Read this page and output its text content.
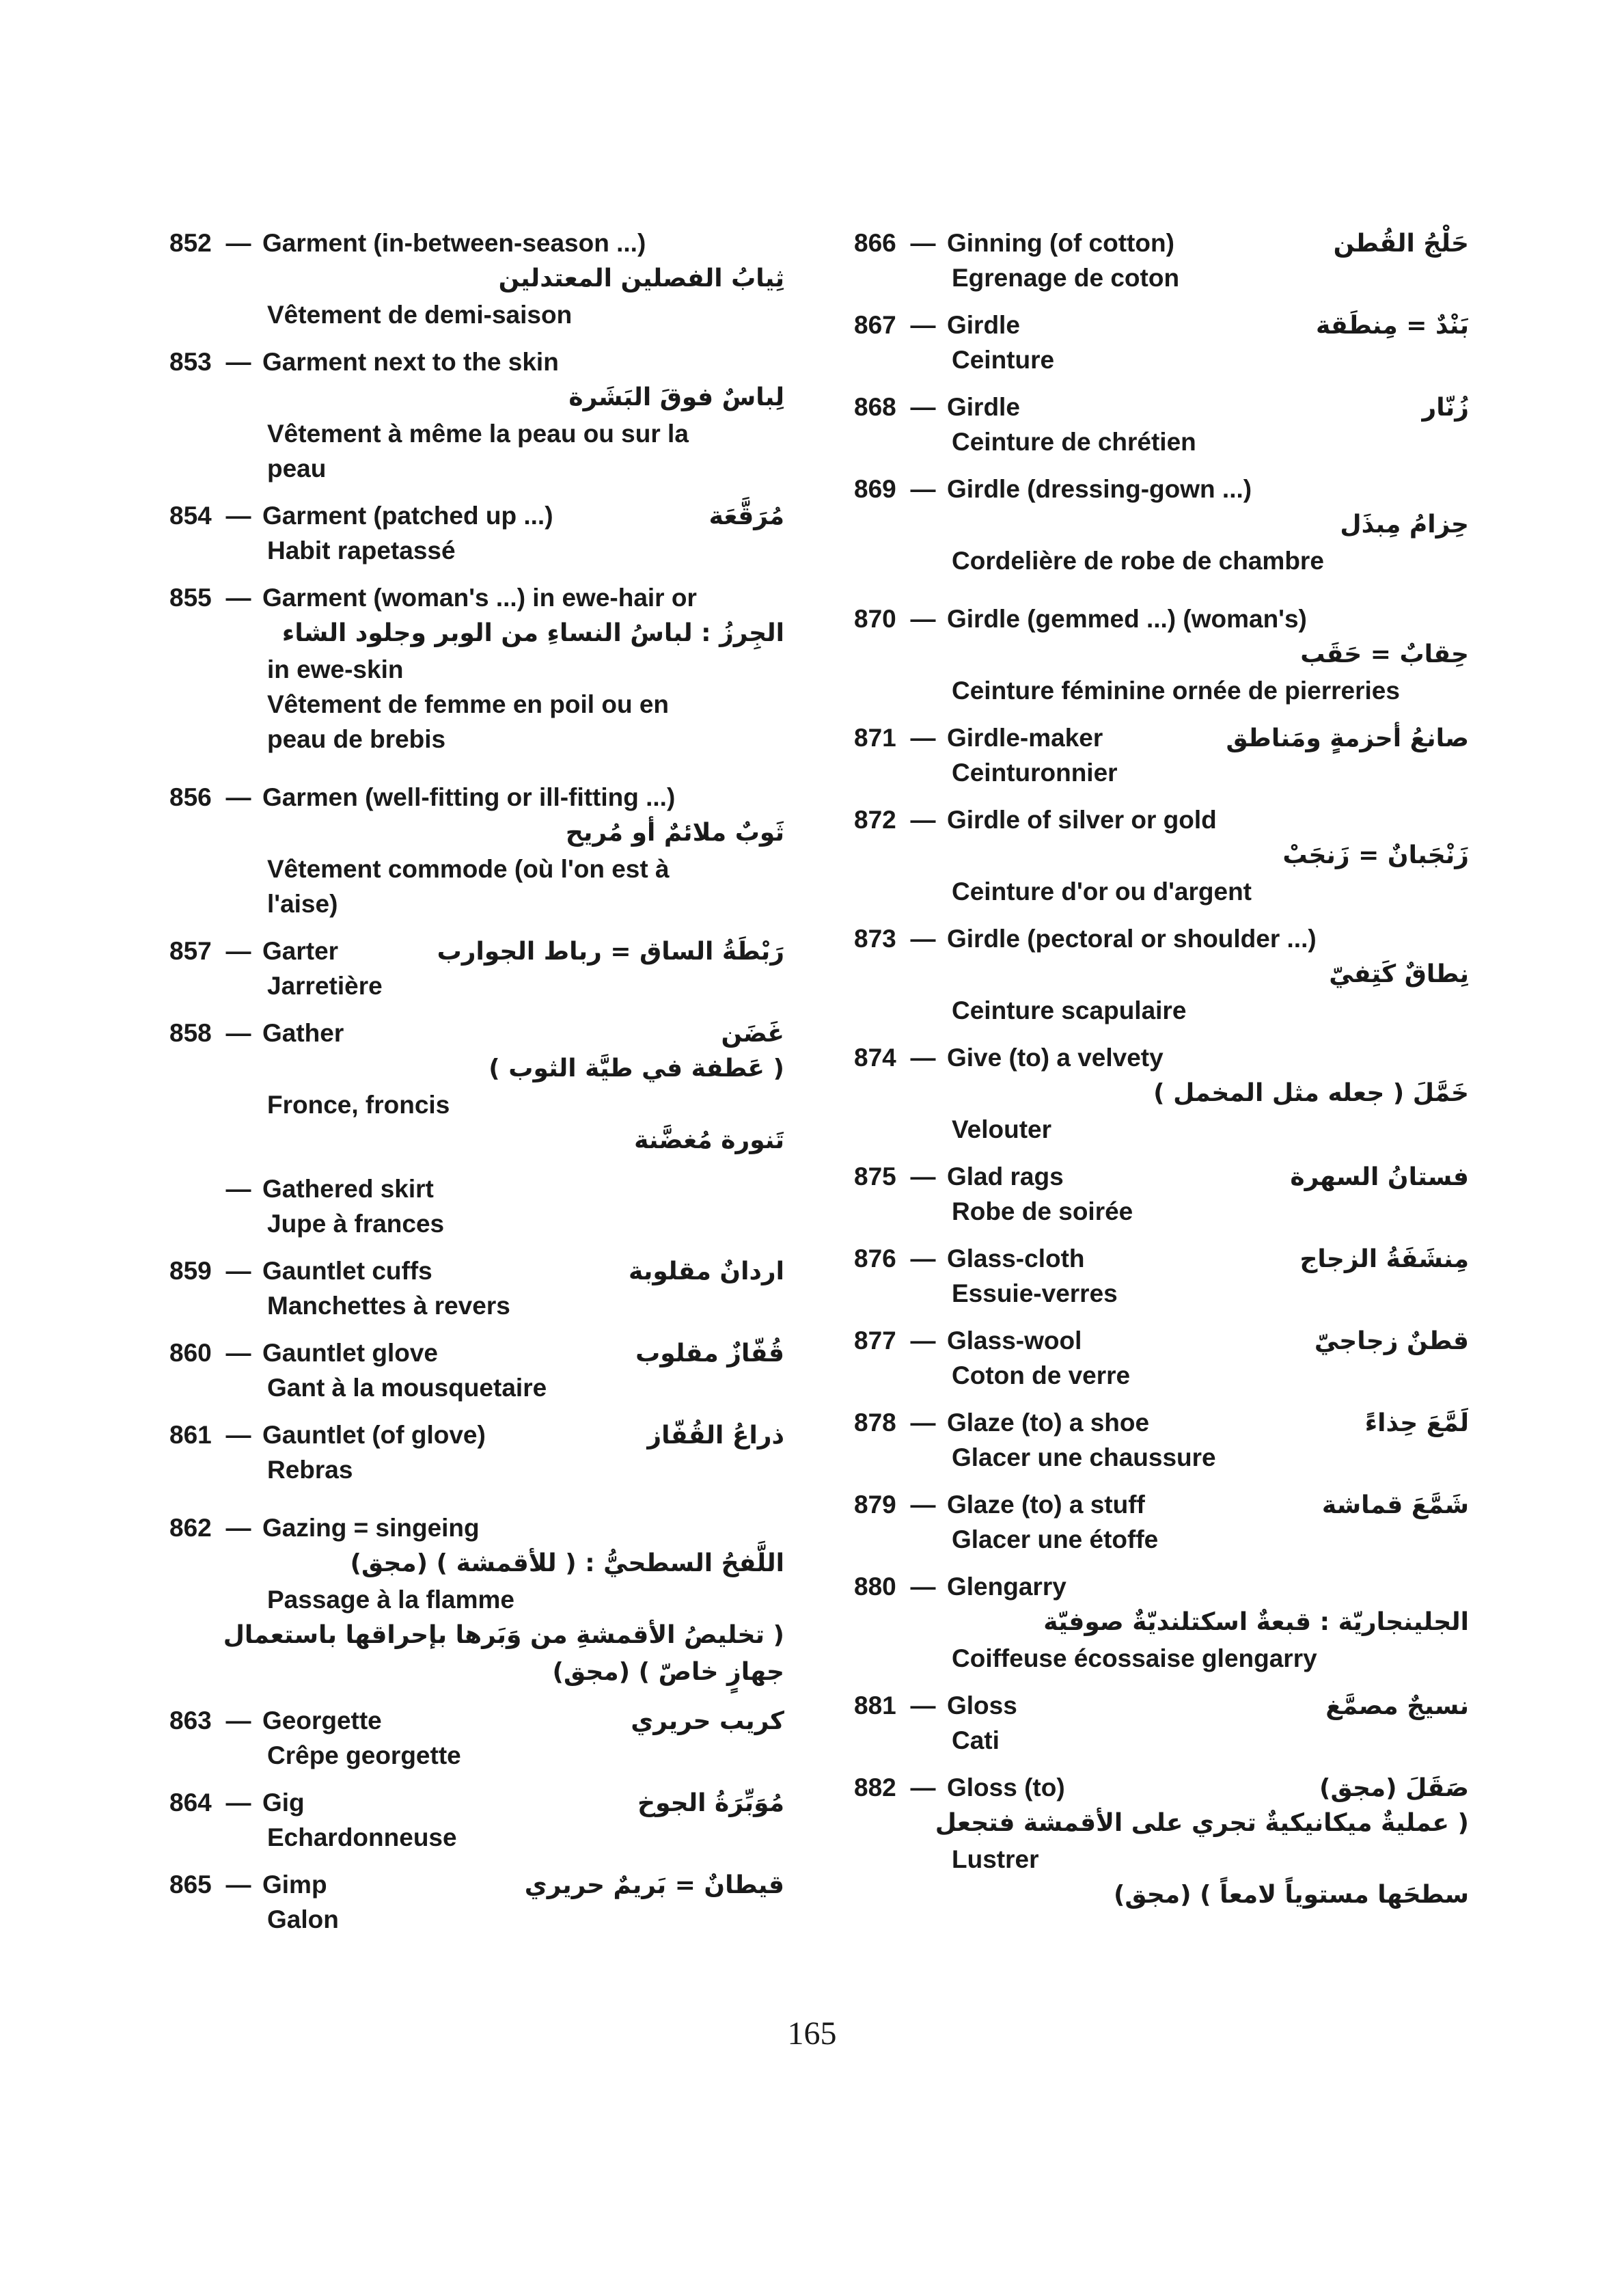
852 — Garment (in-between-season ...)
ثِيابُ الفصلين المعتدلين
Vêtement de demi-saison
853 — Garment next to the skin
لِباسٌ فوقَ البَشَرة
Vêtement à même la peau ou sur la
peau
854 — Garment (patched up ...)	مُرَقَّعَة
Habit rapetassé
855 — Garment (woman's ...) in ewe-hair or
الجِرزُ : لباسُ النساءِ من الوبر وجلود الشاء
in ewe-skin
Vêtement de femme en poil ou en
peau de brebis
856 — Garmen (well-fitting or ill-fitting ...)
ثَوبٌ ملائمٌ أو مُريح
Vêtement commode (où l'on est à
l'aise)
857 — Garter	رَبْطَةُ الساق = رباط الجوارب
Jarretière
858 — Gather	غَضَن
( عَطفة في طيَّة الثوب )
Fronce, froncis
تَنورة مُغضَّنة
— Gathered skirt
Jupe à frances
859 — Gauntlet cuffs	اردانٌ مقلوبة
Manchettes à revers
860 — Gauntlet glove	قُفّازٌ مقلوب
Gant à la mousquetaire
861 — Gauntlet (of glove)	ذراعُ القُفّاز
Rebras
862 — Gazing = singeing
اللَّفحُ السطحيُّ : ( للأقمشة ) (مجق)
Passage à la flamme
( تخليصُ الأقمشةِ من وَبَرها بإحراقها باستعمال
جهازٍ خاصّ ) (مجق)
863 — Georgette	كريب حريري
Crêpe georgette
864 — Gig	مُوَبِّرَةُ الجوخ
Echardonneuse
865 — Gimp	قيطانٌ = بَريمٌ حريري
Galon
866 — Ginning (of cotton)	حَلْجُ القُطن
Egrenage de coton
867 — Girdle	بَنْدٌ = مِنطَقة
Ceinture
868 — Girdle	زُنّار
Ceinture de chrétien
869 — Girdle (dressing-gown ...)
حِزامُ مِبذَل
Cordelière de robe de chambre
870 — Girdle (gemmed ...) (woman's)
حِقابٌ = حَقَب
Ceinture féminine ornée de pierreries
871 — Girdle-maker	صانعُ أحزمةٍ ومَناطق
Ceinturonnier
872 — Girdle of silver or gold
زَنْجَبانٌ = زَنجَبْ
Ceinture d'or ou d'argent
873 — Girdle (pectoral or shoulder ...)
نِطاقٌ كَتِفيّ
Ceinture scapulaire
874 — Give (to) a velvety
خَمَّلَ ( جعله مثل المخمل )
Velouter
875 — Glad rags	فستانُ السهرة
Robe de soirée
876 — Glass-cloth	مِنشَفَةُ الزجاج
Essuie-verres
877 — Glass-wool	قطنٌ زجاجيّ
Coton de verre
878 — Glaze (to) a shoe	لَمَّعَ حِذاءً
Glacer une chaussure
879 — Glaze (to) a stuff	شَمَّعَ قماشة
Glacer une étoffe
880 — Glengarry
الجلينجاريّة : قبعةٌ اسكتلنديّةٌ صوفيّة
Coiffeuse écossaise glengarry
881 — Gloss	نسيجٌ مصمَّغ
Cati
882 — Gloss (to)	صَقَلَ (مجق)
( عمليةٌ ميكانيكيةٌ تجري على الأقمشة فتجعل
Lustrer
سطحَها مستوياً لامعاً ) (مجق)
165
